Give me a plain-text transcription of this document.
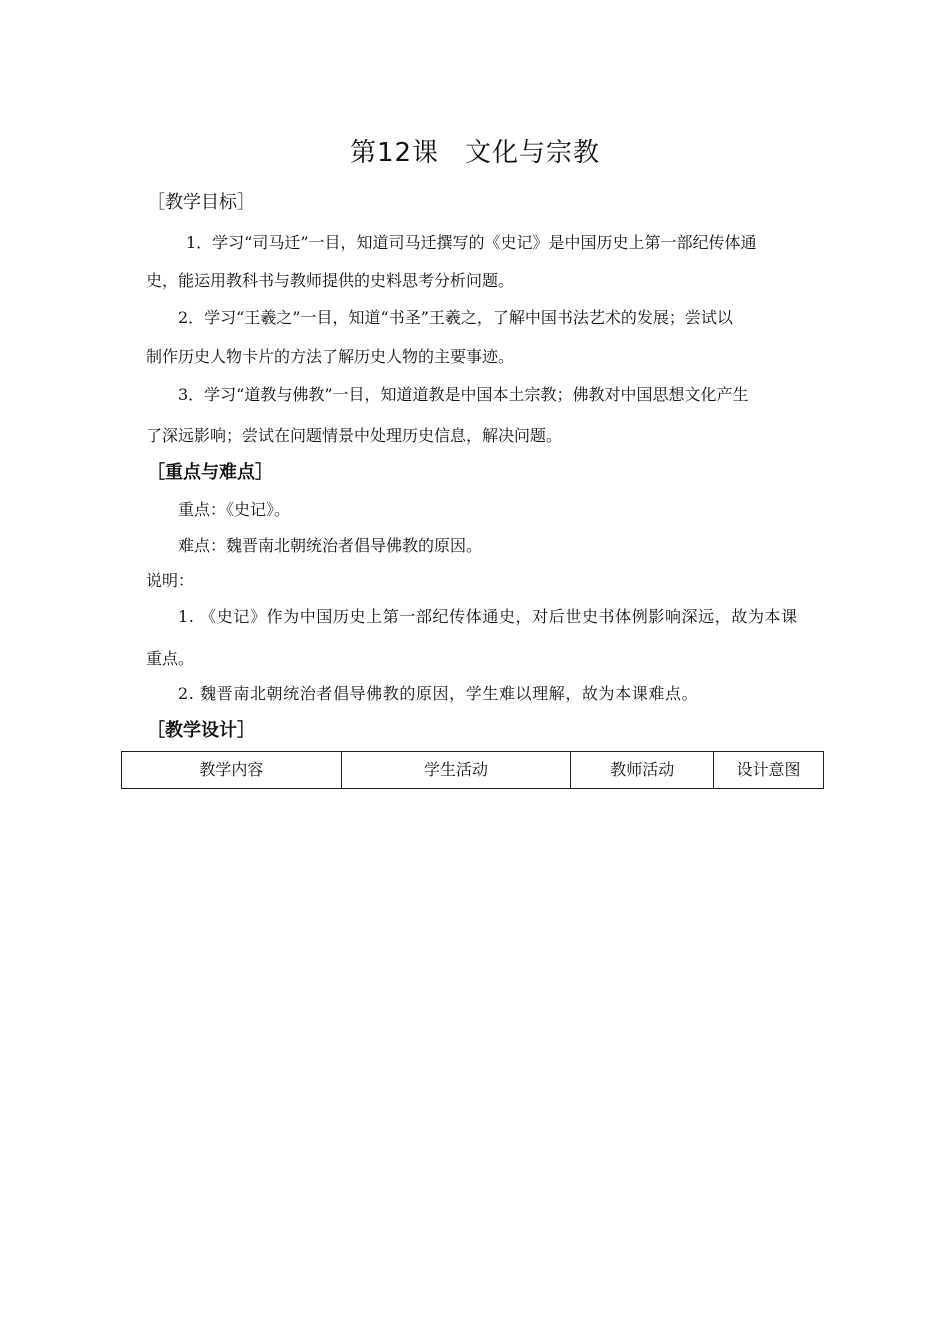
第12课 文化与宗教
［教学目标］
1．学习“司马迁”一目，知道司马迁撰写的《史记》是中国历史上第一部纪传体通
史，能运用教科书与教师提供的史料思考分析问题。
2．学习“王羲之”一目，知道“书圣”王羲之，了解中国书法艺术的发展；尝试以
制作历史人物卡片的方法了解历史人物的主要事迹。
3．学习“道教与佛教”一目，知道道教是中国本土宗教；佛教对中国思想文化产生
了深远影响；尝试在问题情景中处理历史信息，解决问题。
［重点与难点］
重点：《史记》。
难点：魏晋南北朝统治者倡导佛教的原因。
说明：
1. 《史记》作为中国历史上第一部纪传体通史，对后世史书体例影响深远，故为本课
重点。
2. 魏晋南北朝统治者倡导佛教的原因，学生难以理解，故为本课难点。
［教学设计］
教学内容	学生活动	教师活动	设计意图
